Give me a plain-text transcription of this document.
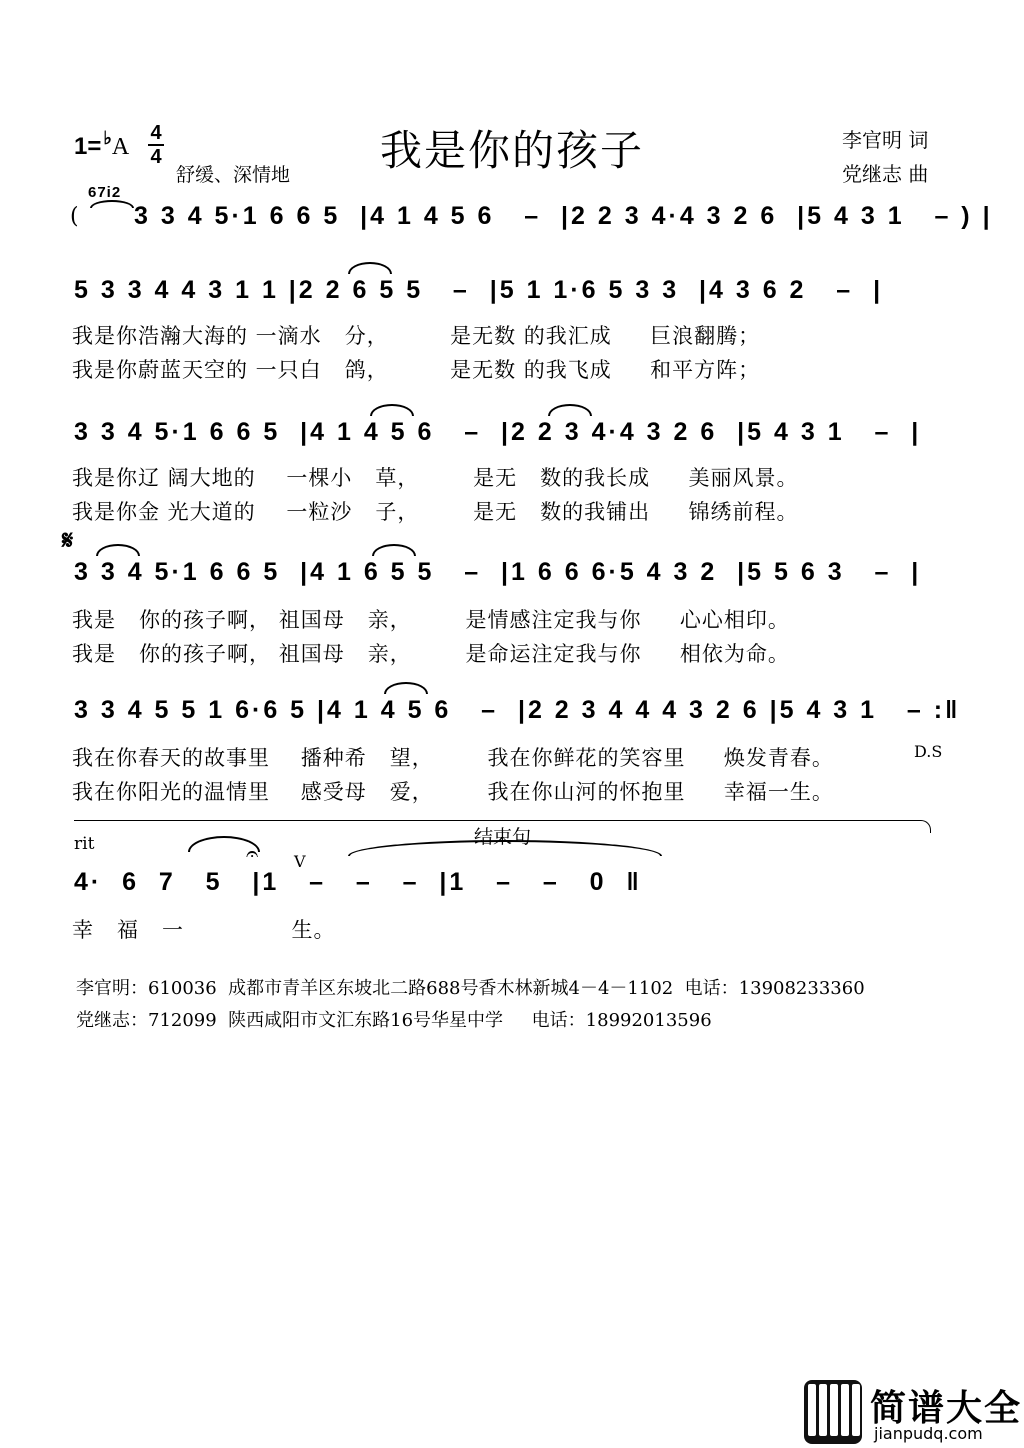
1= ♭A
4
4
舒缓、深情地	我是你的孩子	李官明 词
党继志 曲
67i2
( 3 3 4 5·1 6 6 5  |4 1 4 5 6   –  |2 2 3 4·4 3 2 6  |5 4 3 1   – ) |
5 3 3 4 4 3 1 1 |2 2 6 5 5   –  |5 1 1·6 5 3 3  |4 3 6 2   –  |
我是你浩瀚大海的 一滴水   分，        是无数 的我汇成     巨浪翻腾；
我是你蔚蓝天空的 一只白   鸽，        是无数 的我飞成     和平方阵；
3 3 4 5·1 6 6 5  |4 1 4 5 6   –  |2 2 3 4·4 3 2 6  |5 4 3 1   –  |
我是你辽 阔大地的    一棵小   草，       是无   数的我长成     美丽风景。
我是你金 光大道的    一粒沙   子，       是无   数的我铺出     锦绣前程。
𝄋
3 3 4 5·1 6 6 5  |4 1 6 5 5   –  |1 6 6 6·5 4 3 2  |5 5 6 3   –  |
我是   你的孩子啊， 祖国母   亲，       是情感注定我与你     心心相印。
我是   你的孩子啊， 祖国母   亲，       是命运注定我与你     相依为命。
3 3 4 5 5 1 6·6 5 |4 1 4 5 6   –  |2 2 3 4 4 4 3 2 6 |5 4 3 1   – :‖
我在你春天的故事里    播种希   望，       我在你鲜花的笑容里     焕发青春。	D.S
我在你阳光的温情里    感受母   爱，       我在你山河的怀抱里     幸福一生。
结束句
rit	𝄐 V
4·  6  7   5   |1   –   –   –  |1   –   –   0  ‖
幸   福   一              生。
李官明：610036  成都市青羊区东坡北二路688号香木林新城4－4－1102  电话：13908233360
党继志：712099  陕西咸阳市文汇东路16号华星中学     电话：18992013596
简谱大全
jianpudq.com
